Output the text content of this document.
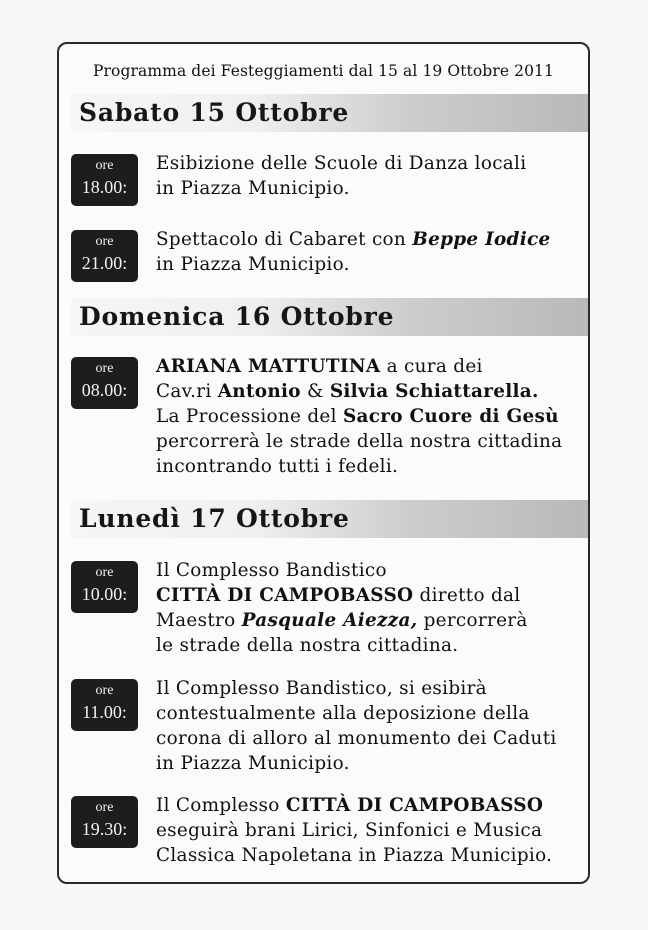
Programma dei Festeggiamenti dal 15 al 19 Ottobre 2011
Sabato 15 Ottobre
ore
18.00:

Esibizione delle Scuole di Danza locali

in Piazza Municipio.

ore
21.00:

Spettacolo di Cabaret con Beppe Iodice

in Piazza Municipio.

Domenica 16 Ottobre
ore
08.00:

ARIANA MATTUTINA a cura dei

Cav.ri Antonio & Silvia Schiattarella.

La Processione del Sacro Cuore di Gesù

percorrerà le strade della nostra cittadina

incontrando tutti i fedeli.

Lunedì 17 Ottobre
ore
10.00:

Il Complesso Bandistico

CITTÀ DI CAMPOBASSO diretto dal

Maestro Pasquale Aiezza, percorrerà

le strade della nostra cittadina.

ore
11.00:

Il Complesso Bandistico, si esibirà

contestualmente alla deposizione della

corona di alloro al monumento dei Caduti

in Piazza Municipio.

ore
19.30:

Il Complesso CITTÀ DI CAMPOBASSO

eseguirà brani Lirici, Sinfonici e Musica

Classica Napoletana in Piazza Municipio.
